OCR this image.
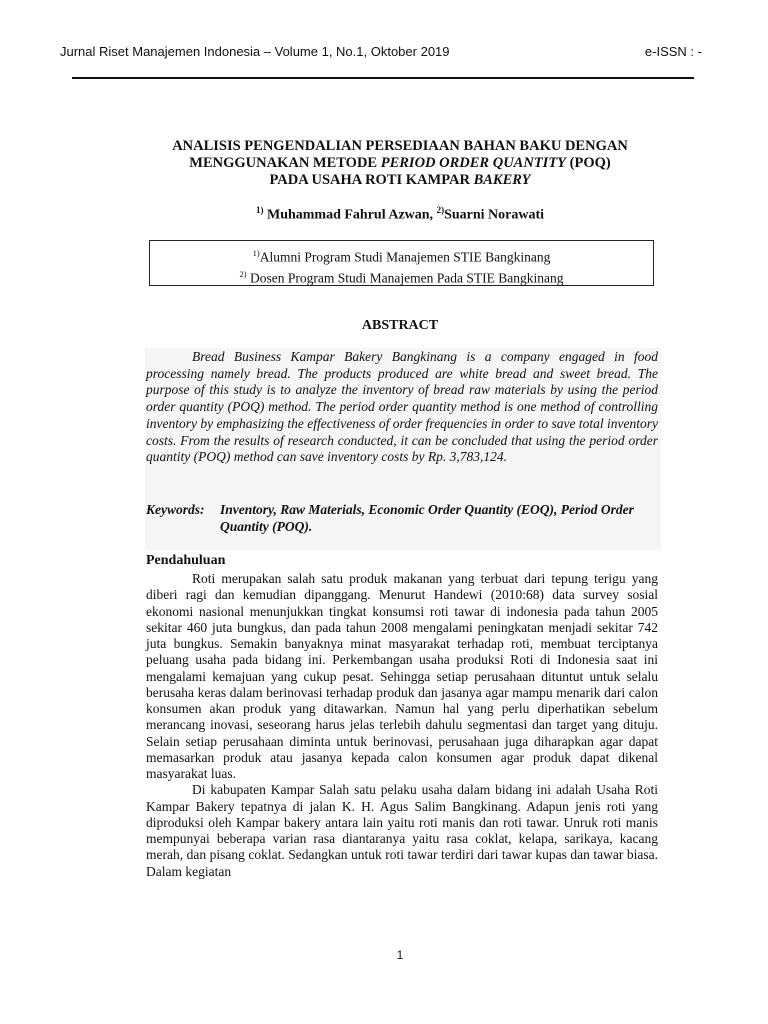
Jurnal Riset Manajemen Indonesia – Volume 1, No.1, Oktober 2019	e-ISSN : -
ANALISIS PENGENDALIAN PERSEDIAAN BAHAN BAKU DENGAN
MENGGUNAKAN METODE PERIOD ORDER QUANTITY (POQ)
PADA USAHA ROTI KAMPAR BAKERY
$^{1)}$ Muhammad Fahrul Azwan, $^{2)}$Suarni Norawati
$^{1)}$Alumni Program Studi Manajemen STIE Bangkinang
$^{2)}$ Dosen Program Studi Manajemen Pada STIE Bangkinang
ABSTRACT

Bread Business Kampar Bakery Bangkinang is a company engaged in food processing namely bread. The products produced are white bread and sweet bread. The purpose of this study is to analyze the inventory of bread raw materials by using the period order quantity (POQ) method. The period order quantity method is one method of controlling inventory by emphasizing the effectiveness of order frequencies in order to save total inventory costs. From the results of research conducted, it can be concluded that using the period order quantity (POQ) method can save inventory costs by Rp. 3,783,124.

Keywords: Inventory, Raw Materials, Economic Order Quantity (EOQ), Period Order Quantity (POQ).

Pendahuluan

Roti merupakan salah satu produk makanan yang terbuat dari tepung terigu yang diberi ragi dan kemudian dipanggang. Menurut Handewi (2010:68) data survey sosial ekonomi nasional menunjukkan tingkat konsumsi roti tawar di indonesia pada tahun 2005 sekitar 460 juta bungkus, dan pada tahun 2008 mengalami peningkatan menjadi sekitar 742 juta bungkus. Semakin banyaknya minat masyarakat terhadap roti, membuat terciptanya peluang usaha pada bidang ini. Perkembangan usaha produksi Roti di Indonesia saat ini mengalami kemajuan yang cukup pesat. Sehingga setiap perusahaan dituntut untuk selalu berusaha keras dalam berinovasi terhadap produk dan jasanya agar mampu menarik dari calon konsumen akan produk yang ditawarkan. Namun hal yang perlu diperhatikan sebelum merancang inovasi, seseorang harus jelas terlebih dahulu segmentasi dan target yang dituju. Selain setiap perusahaan diminta untuk berinovasi, perusahaan juga diharapkan agar dapat memasarkan produk atau jasanya kepada calon konsumen agar produk dapat dikenal masyarakat luas.

Di kabupaten Kampar Salah satu pelaku usaha dalam bidang ini adalah Usaha Roti Kampar Bakery tepatnya di jalan K. H. Agus Salim Bangkinang. Adapun jenis roti yang diproduksi oleh Kampar bakery antara lain yaitu roti manis dan roti tawar. Unruk roti manis mempunyai beberapa varian rasa diantaranya yaitu rasa coklat, kelapa, sarikaya, kacang merah, dan pisang coklat. Sedangkan untuk roti tawar terdiri dari tawar kupas dan tawar biasa. Dalam kegiatan

1
